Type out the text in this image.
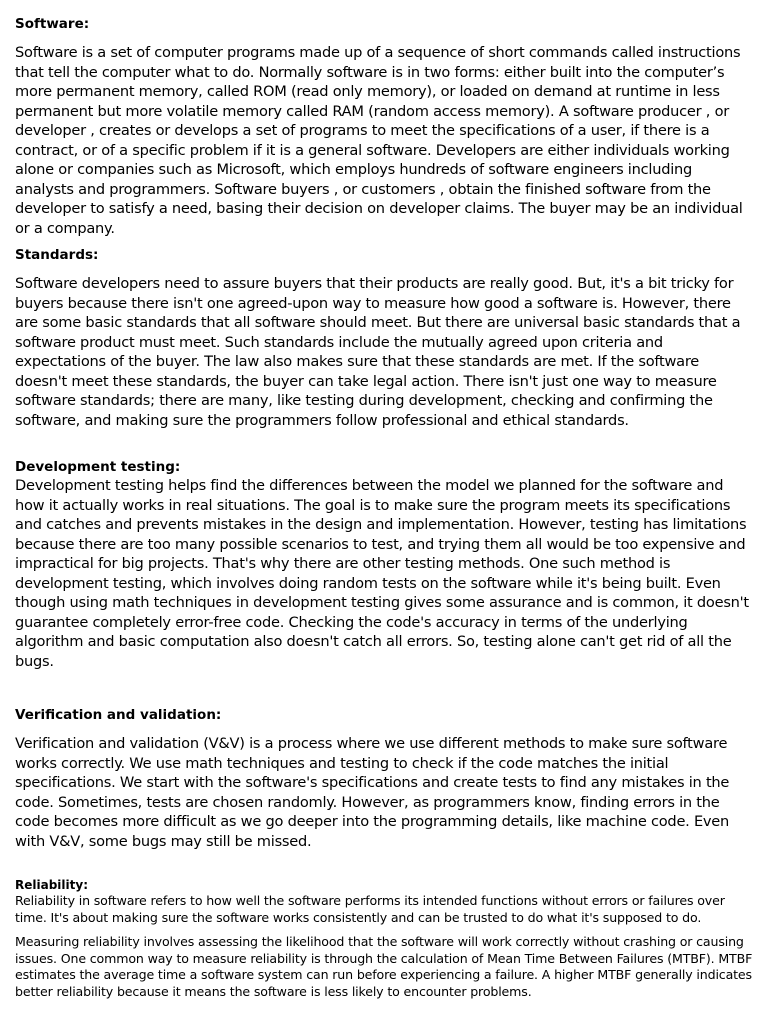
Software:

Software is a set of computer programs made up of a sequence of short commands called instructions that tell the computer what to do. Normally software is in two forms: either built into the computer’s more permanent memory, called ROM (read only memory), or loaded on demand at runtime in less permanent but more volatile memory called RAM (random access memory). A software producer , or developer , creates or develops a set of programs to meet the specifications of a user, if there is a contract, or of a specific problem if it is a general software. Developers are either individuals working alone or companies such as Microsoft, which employs hundreds of software engineers including analysts and programmers. Software buyers , or customers , obtain the finished software from the developer to satisfy a need, basing their decision on developer claims. The buyer may be an individual or a company.

Standards:

Software developers need to assure buyers that their products are really good. But, it's a bit tricky for buyers because there isn't one agreed-upon way to measure how good a software is. However, there are some basic standards that all software should meet. But there are universal basic standards that a software product must meet. Such standards include the mutually agreed upon criteria and expectations of the buyer. The law also makes sure that these standards are met. If the software doesn't meet these standards, the buyer can take legal action. There isn't just one way to measure software standards; there are many, like testing during development, checking and confirming the software, and making sure the programmers follow professional and ethical standards.

Development testing:

Development testing helps find the differences between the model we planned for the software and how it actually works in real situations. The goal is to make sure the program meets its specifications and catches and prevents mistakes in the design and implementation. However, testing has limitations because there are too many possible scenarios to test, and trying them all would be too expensive and impractical for big projects. That's why there are other testing methods. One such method is development testing, which involves doing random tests on the software while it's being built. Even though using math techniques in development testing gives some assurance and is common, it doesn't guarantee completely error-free code. Checking the code's accuracy in terms of the underlying algorithm and basic computation also doesn't catch all errors. So, testing alone can't get rid of all the bugs.

Verification and validation:

Verification and validation (V&V) is a process where we use different methods to make sure software works correctly. We use math techniques and testing to check if the code matches the initial specifications. We start with the software's specifications and create tests to find any mistakes in the code. Sometimes, tests are chosen randomly. However, as programmers know, finding errors in the code becomes more difficult as we go deeper into the programming details, like machine code. Even with V&V, some bugs may still be missed.

Reliability:

Reliability in software refers to how well the software performs its intended functions without errors or failures over time. It's about making sure the software works consistently and can be trusted to do what it's supposed to do.

Measuring reliability involves assessing the likelihood that the software will work correctly without crashing or causing issues. One common way to measure reliability is through the calculation of Mean Time Between Failures (MTBF). MTBF estimates the average time a software system can run before experiencing a failure. A higher MTBF generally indicates better reliability because it means the software is less likely to encounter problems.
